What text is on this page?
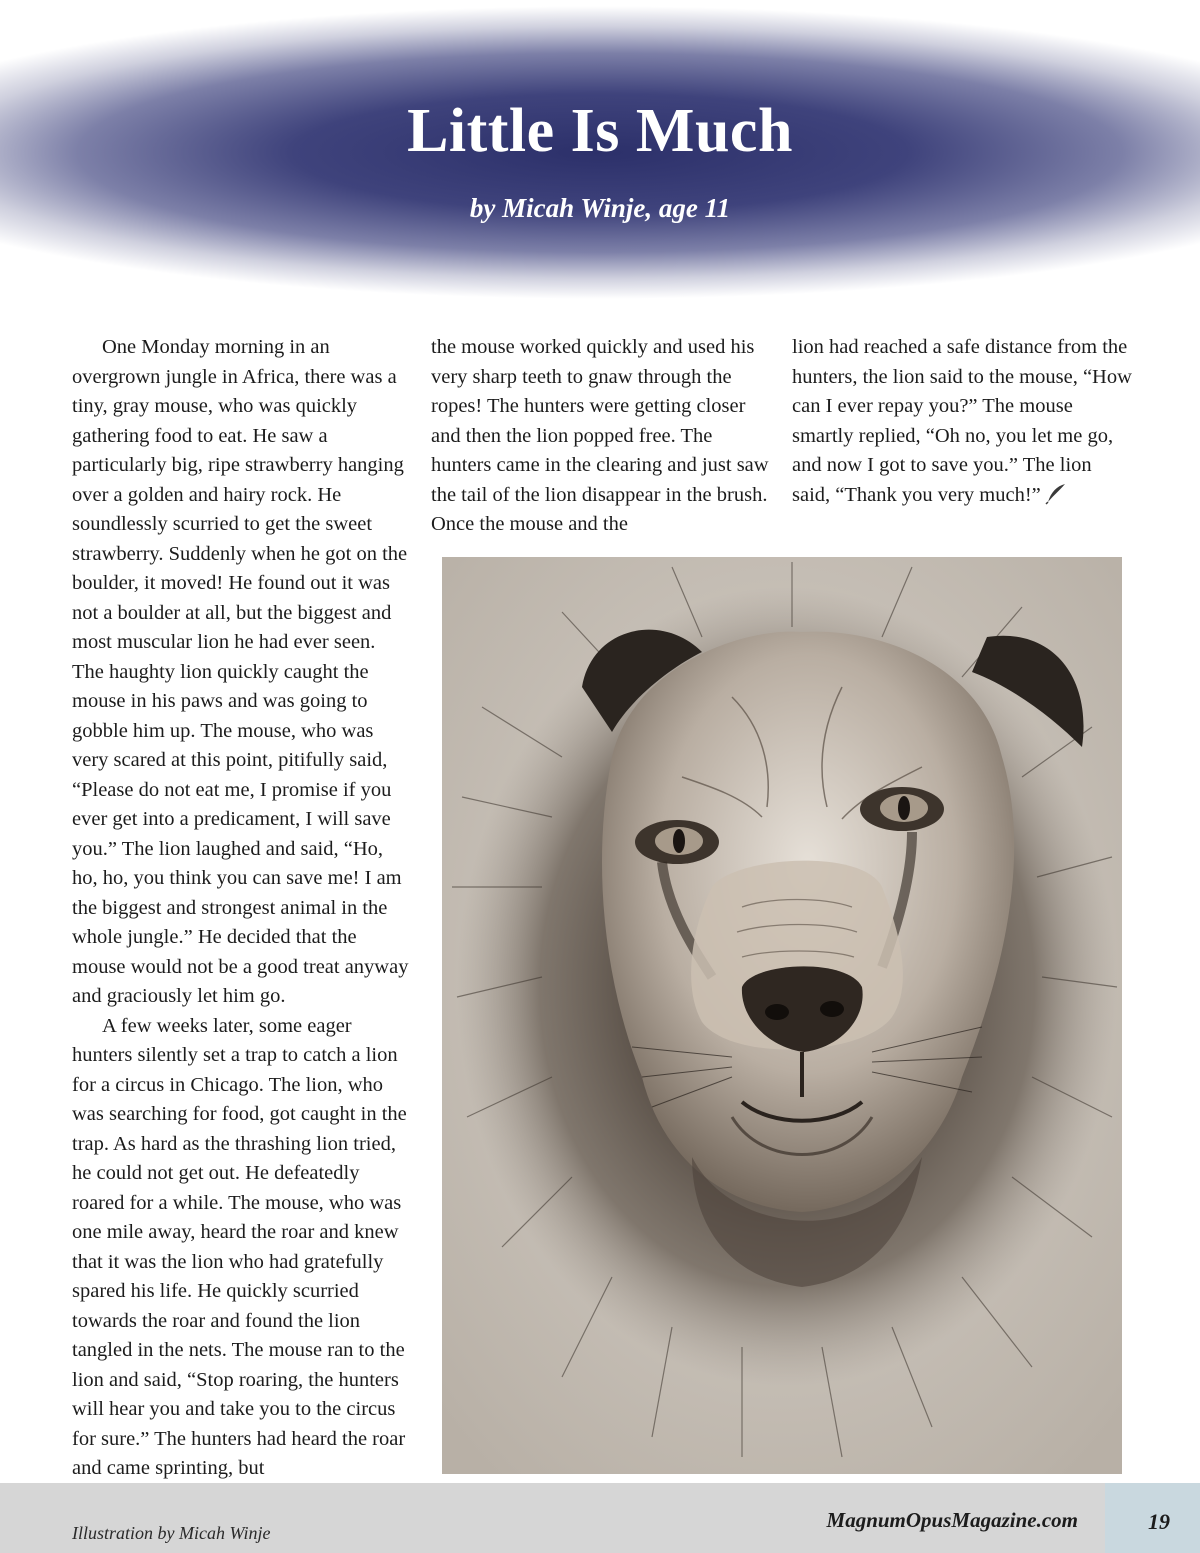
Little Is Much
by Micah Winje, age 11

One Monday morning in an overgrown jungle in Africa, there was a tiny, gray mouse, who was quickly gathering food to eat. He saw a particularly big, ripe strawberry hanging over a golden and hairy rock. He soundlessly scurried to get the sweet strawberry. Suddenly when he got on the boulder, it moved! He found out it was not a boulder at all, but the biggest and most muscular lion he had ever seen. The haughty lion quickly caught the mouse in his paws and was going to gobble him up. The mouse, who was very scared at this point, pitifully said, “Please do not eat me, I promise if you ever get into a predicament, I will save you.” The lion laughed and said, “Ho, ho, ho, you think you can save me! I am the biggest and strongest animal in the whole jungle.” He decided that the mouse would not be a good treat anyway and graciously let him go.

A few weeks later, some eager hunters silently set a trap to catch a lion for a circus in Chicago. The lion, who was searching for food, got caught in the trap. As hard as the thrashing lion tried, he could not get out. He defeatedly roared for a while. The mouse, who was one mile away, heard the roar and knew that it was the lion who had gratefully spared his life. He quickly scurried towards the roar and found the lion tangled in the nets. The mouse ran to the lion and said, “Stop roaring, the hunters will hear you and take you to the circus for sure.” The hunters had heard the roar and came sprinting, but

the mouse worked quickly and used his very sharp teeth to gnaw through the ropes! The hunters were getting closer and then the lion popped free. The hunters came in the clearing and just saw the tail of the lion disappear in the brush. Once the mouse and the

lion had reached a safe distance from the hunters, the lion said to the mouse, “How can I ever repay you?” The mouse smartly replied, “Oh no, you let me go, and now I got to save you.” The lion said, “Thank you very much!”

Illustration by Micah Winje
MagnumOpusMagazine.com	19
